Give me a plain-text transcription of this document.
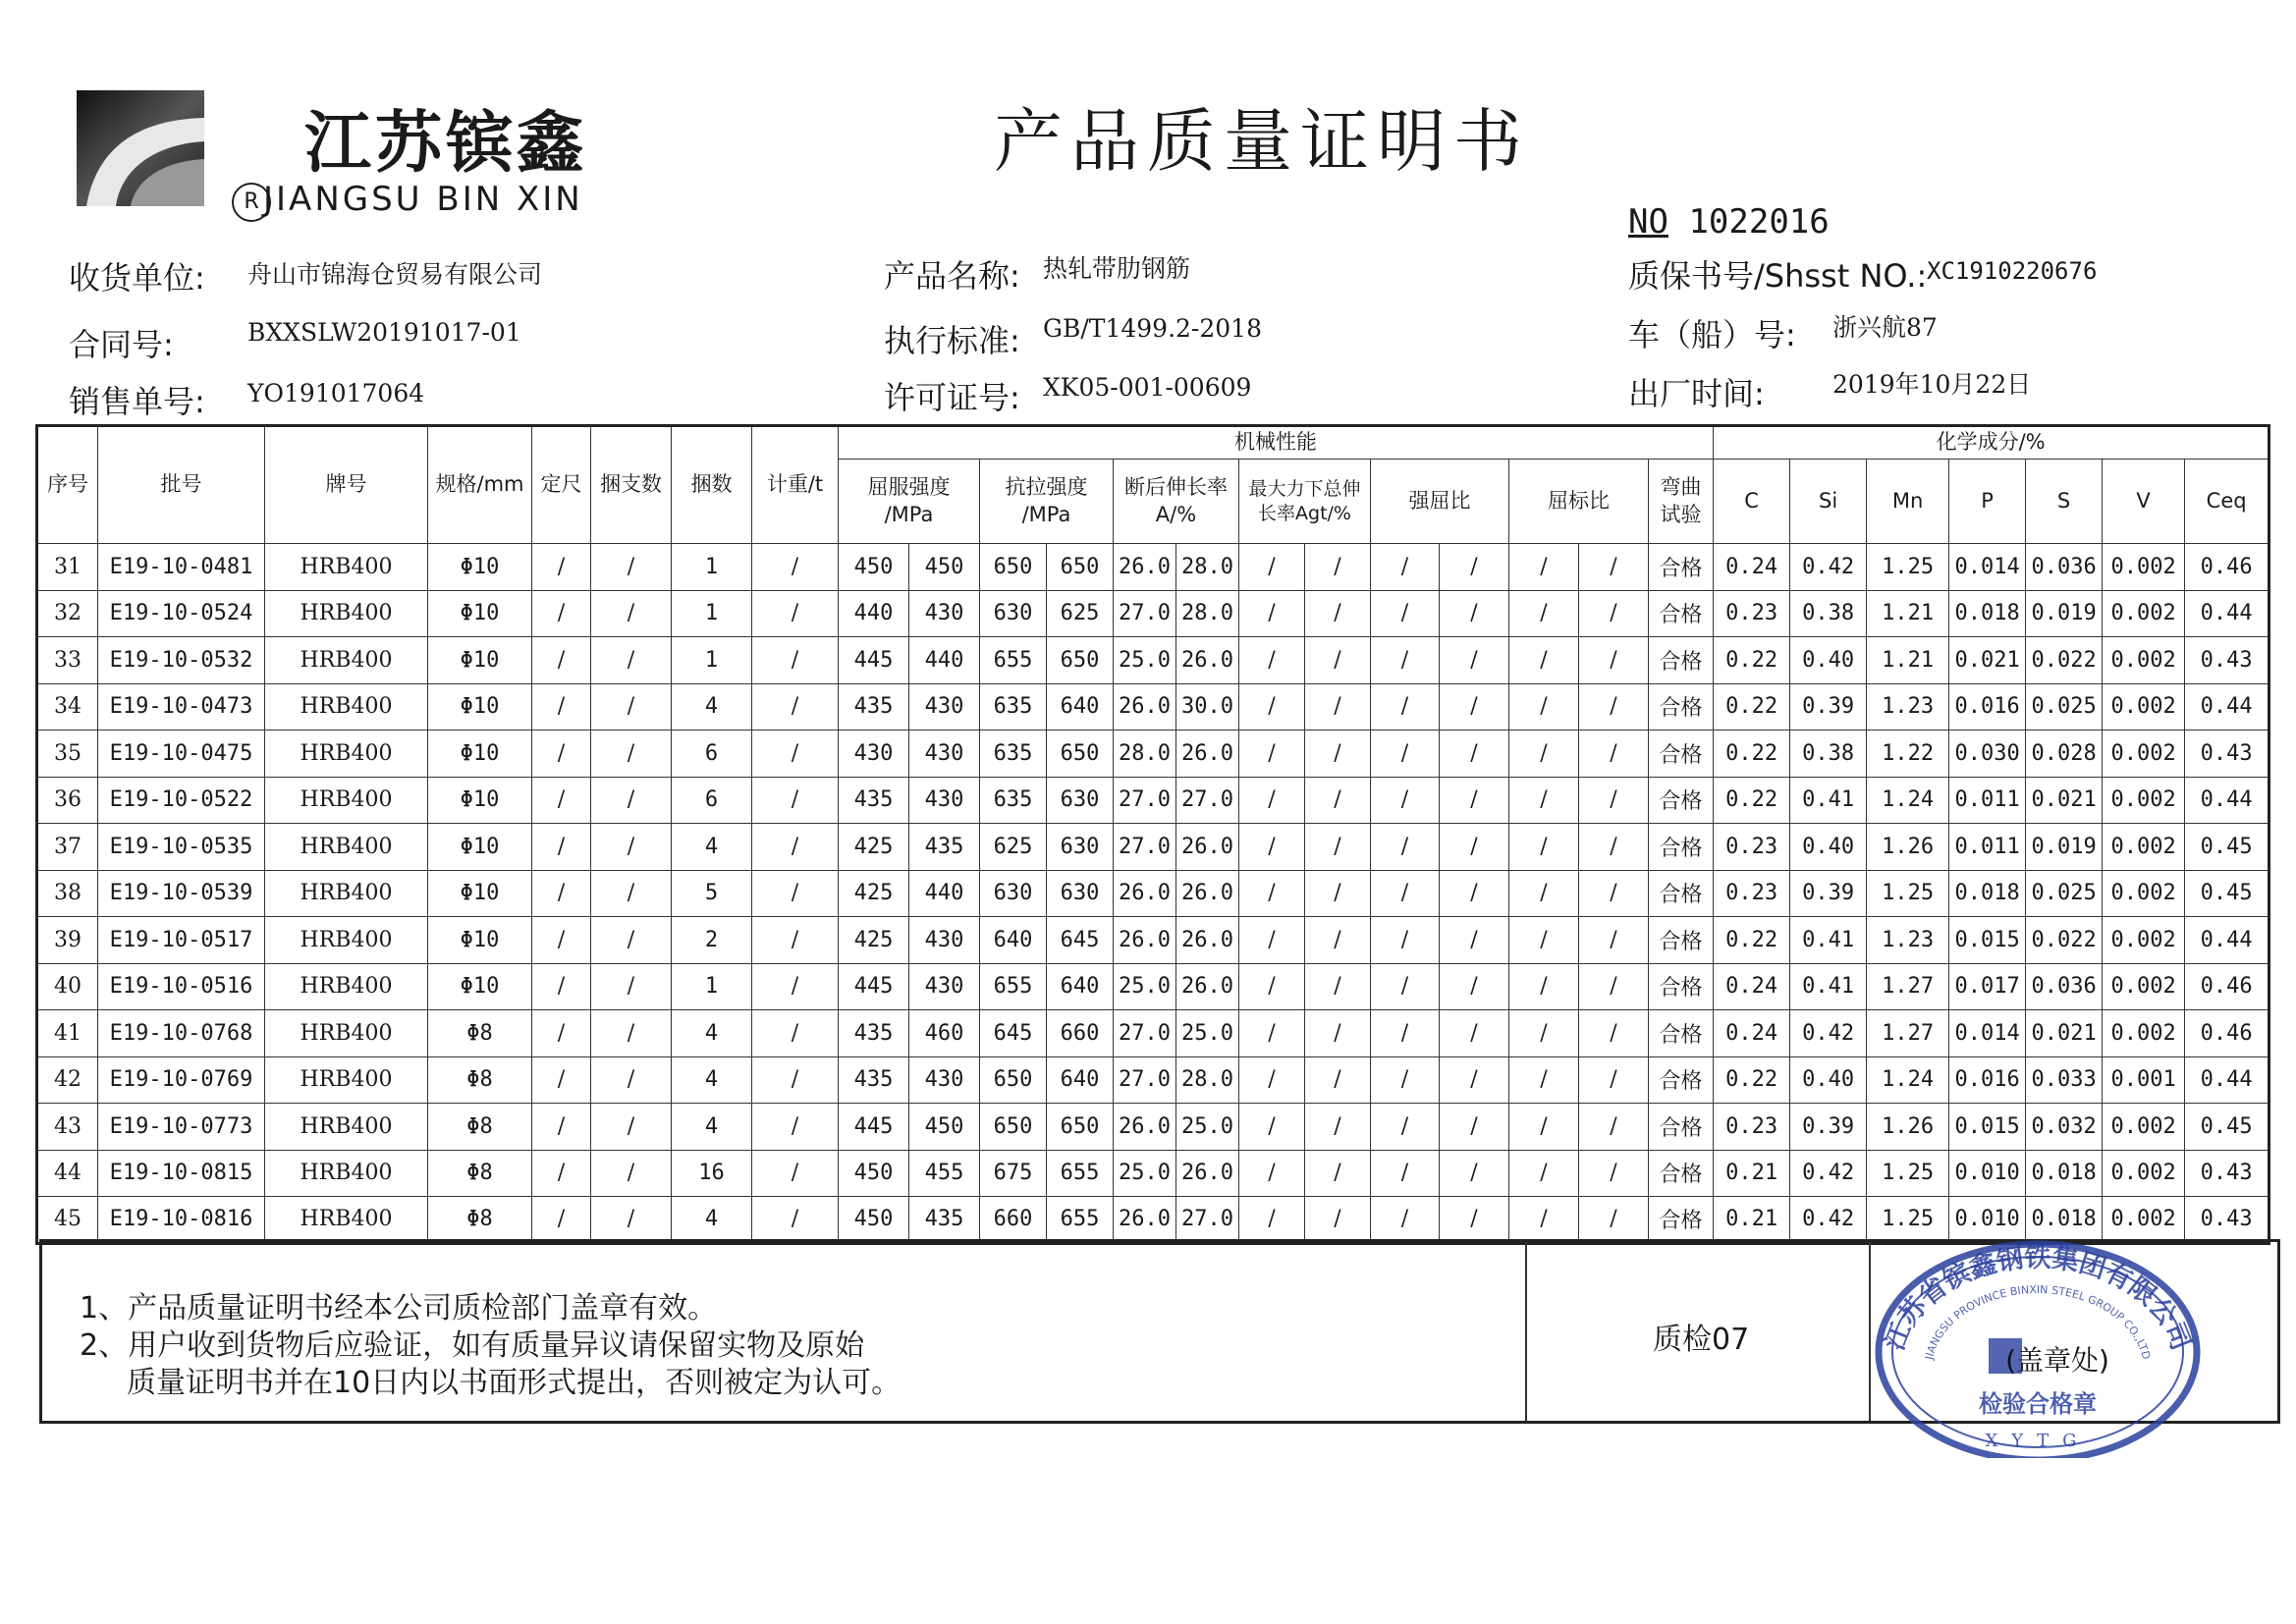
江苏镔鑫
R JIANGSU BIN XIN
产品质量证明书
NO 1022016
收货单位: 舟山市锦海仓贸易有限公司
合同号:	BXXSLW20191017-01
销售单号: YO191017064
产品名称: 热轧带肋钢筋
执行标准: GB/T1499.2-2018
许可证号: XK05-001-00609
质保书号/Shsst NO.: XC1910220676
车（船）号: 浙兴航87
出厂时间:	2019年10月22日
序号	批号	牌号	规格/mm	定尺	捆支数	捆数	计重/t	机械性能													化学成分/%						
								屈服强度
/MPa		抗拉强度
/MPa		断后伸长率
A/%		最大力下总伸
长率Agt/%		强屈比		屈标比		弯曲
试验	C	Si	Mn	P	S	V	Ceq
31	E19-10-0481	HRB400	Φ10	/	/	1	/	450	450	650	650	26.0	28.0	/	/	/	/	/	/	合格	0.24	0.42	1.25	0.014	0.036	0.002	0.46
32	E19-10-0524	HRB400	Φ10	/	/	1	/	440	430	630	625	27.0	28.0	/	/	/	/	/	/	合格	0.23	0.38	1.21	0.018	0.019	0.002	0.44
33	E19-10-0532	HRB400	Φ10	/	/	1	/	445	440	655	650	25.0	26.0	/	/	/	/	/	/	合格	0.22	0.40	1.21	0.021	0.022	0.002	0.43
34	E19-10-0473	HRB400	Φ10	/	/	4	/	435	430	635	640	26.0	30.0	/	/	/	/	/	/	合格	0.22	0.39	1.23	0.016	0.025	0.002	0.44
35	E19-10-0475	HRB400	Φ10	/	/	6	/	430	430	635	650	28.0	26.0	/	/	/	/	/	/	合格	0.22	0.38	1.22	0.030	0.028	0.002	0.43
36	E19-10-0522	HRB400	Φ10	/	/	6	/	435	430	635	630	27.0	27.0	/	/	/	/	/	/	合格	0.22	0.41	1.24	0.011	0.021	0.002	0.44
37	E19-10-0535	HRB400	Φ10	/	/	4	/	425	435	625	630	27.0	26.0	/	/	/	/	/	/	合格	0.23	0.40	1.26	0.011	0.019	0.002	0.45
38	E19-10-0539	HRB400	Φ10	/	/	5	/	425	440	630	630	26.0	26.0	/	/	/	/	/	/	合格	0.23	0.39	1.25	0.018	0.025	0.002	0.45
39	E19-10-0517	HRB400	Φ10	/	/	2	/	425	430	640	645	26.0	26.0	/	/	/	/	/	/	合格	0.22	0.41	1.23	0.015	0.022	0.002	0.44
40	E19-10-0516	HRB400	Φ10	/	/	1	/	445	430	655	640	25.0	26.0	/	/	/	/	/	/	合格	0.24	0.41	1.27	0.017	0.036	0.002	0.46
41	E19-10-0768	HRB400	Φ8	/	/	4	/	435	460	645	660	27.0	25.0	/	/	/	/	/	/	合格	0.24	0.42	1.27	0.014	0.021	0.002	0.46
42	E19-10-0769	HRB400	Φ8	/	/	4	/	435	430	650	640	27.0	28.0	/	/	/	/	/	/	合格	0.22	0.40	1.24	0.016	0.033	0.001	0.44
43	E19-10-0773	HRB400	Φ8	/	/	4	/	445	450	650	650	26.0	25.0	/	/	/	/	/	/	合格	0.23	0.39	1.26	0.015	0.032	0.002	0.45
44	E19-10-0815	HRB400	Φ8	/	/	16	/	450	455	675	655	25.0	26.0	/	/	/	/	/	/	合格	0.21	0.42	1.25	0.010	0.018	0.002	0.43
45	E19-10-0816	HRB400	Φ8	/	/	4	/	450	435	660	655	26.0	27.0	/	/	/	/	/	/	合格	0.21	0.42	1.25	0.010	0.018	0.002	0.43
1、产品质量证明书经本公司质检部门盖章有效。
2、用户收到货物后应验证，如有质量异议请保留实物及原始
质量证明书并在10日内以书面形式提出，否则被定为认可。
质检07	江苏省镔鑫钢铁集团有限公司
JIANGSU PROVINCE BINXIN STEEL GROUP CO.,LTD
(盖章处)
检验合格章
XYTG
